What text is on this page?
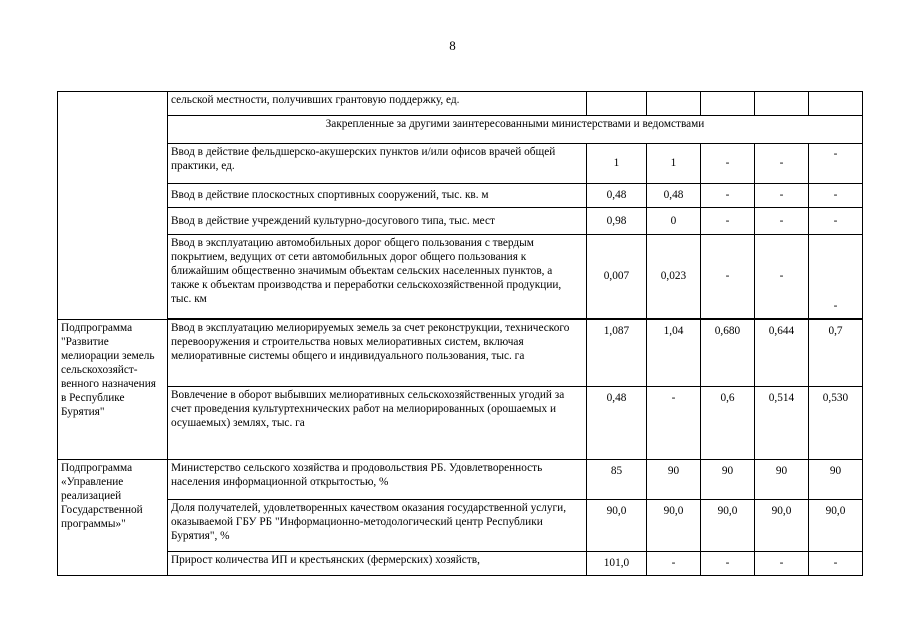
8
	сельской местности, получивших грантовую поддержку, ед.					
	Закрепленные за другими заинтересованными министерствами и ведомствами					
	Ввод в действие фельдшерско-акушерских пунктов и/или офисов врачей общей практики, ед.	1	1	-	-	-
	Ввод в действие плоскостных спортивных сооружений, тыс. кв. м	0,48	0,48	-	-	-
	Ввод в действие учреждений культурно-досугового типа, тыс. мест	0,98	0	-	-	-
	Ввод в эксплуатацию автомобильных дорог общего пользования с твердым покрытием, ведущих от сети автомобильных дорог общего пользования к ближайшим общественно значимым объектам сельских населенных пунктов, а также к объектам производства и переработки сельскохозяйственной продукции, тыс. км	0,007	0,023	-	-	-

Подпрограмма "Развитие мелиорации земель сельскохозяйст-венного назначения в Республике Бурятия"	Ввод в эксплуатацию мелиорируемых земель за счет реконструкции, технического перевооружения и строительства новых мелиоративных систем, включая мелиоративные системы общего и индивидуального пользования, тыс. га	1,087	1,04	0,680	0,644	0,7
	Вовлечение в оборот выбывших мелиоративных сельскохозяйственных угодий за счет проведения культуртехнических работ на мелиорированных (орошаемых и осушаемых) землях, тыс. га	0,48	-	0,6	0,514	0,530
Подпрограмма «Управление реализацией Государственной программы»"	Министерство сельского хозяйства и продовольствия РБ. Удовлетворенность населения информационной открытостью, %	85	90	90	90	90
	Доля получателей, удовлетворенных качеством оказания государственной услуги, оказываемой ГБУ РБ "Информационно-методологический центр Республики Бурятия", %	90,0	90,0	90,0	90,0	90,0
	Прирост количества ИП и крестьянских (фермерских) хозяйств,	101,0	-	-	-	-
